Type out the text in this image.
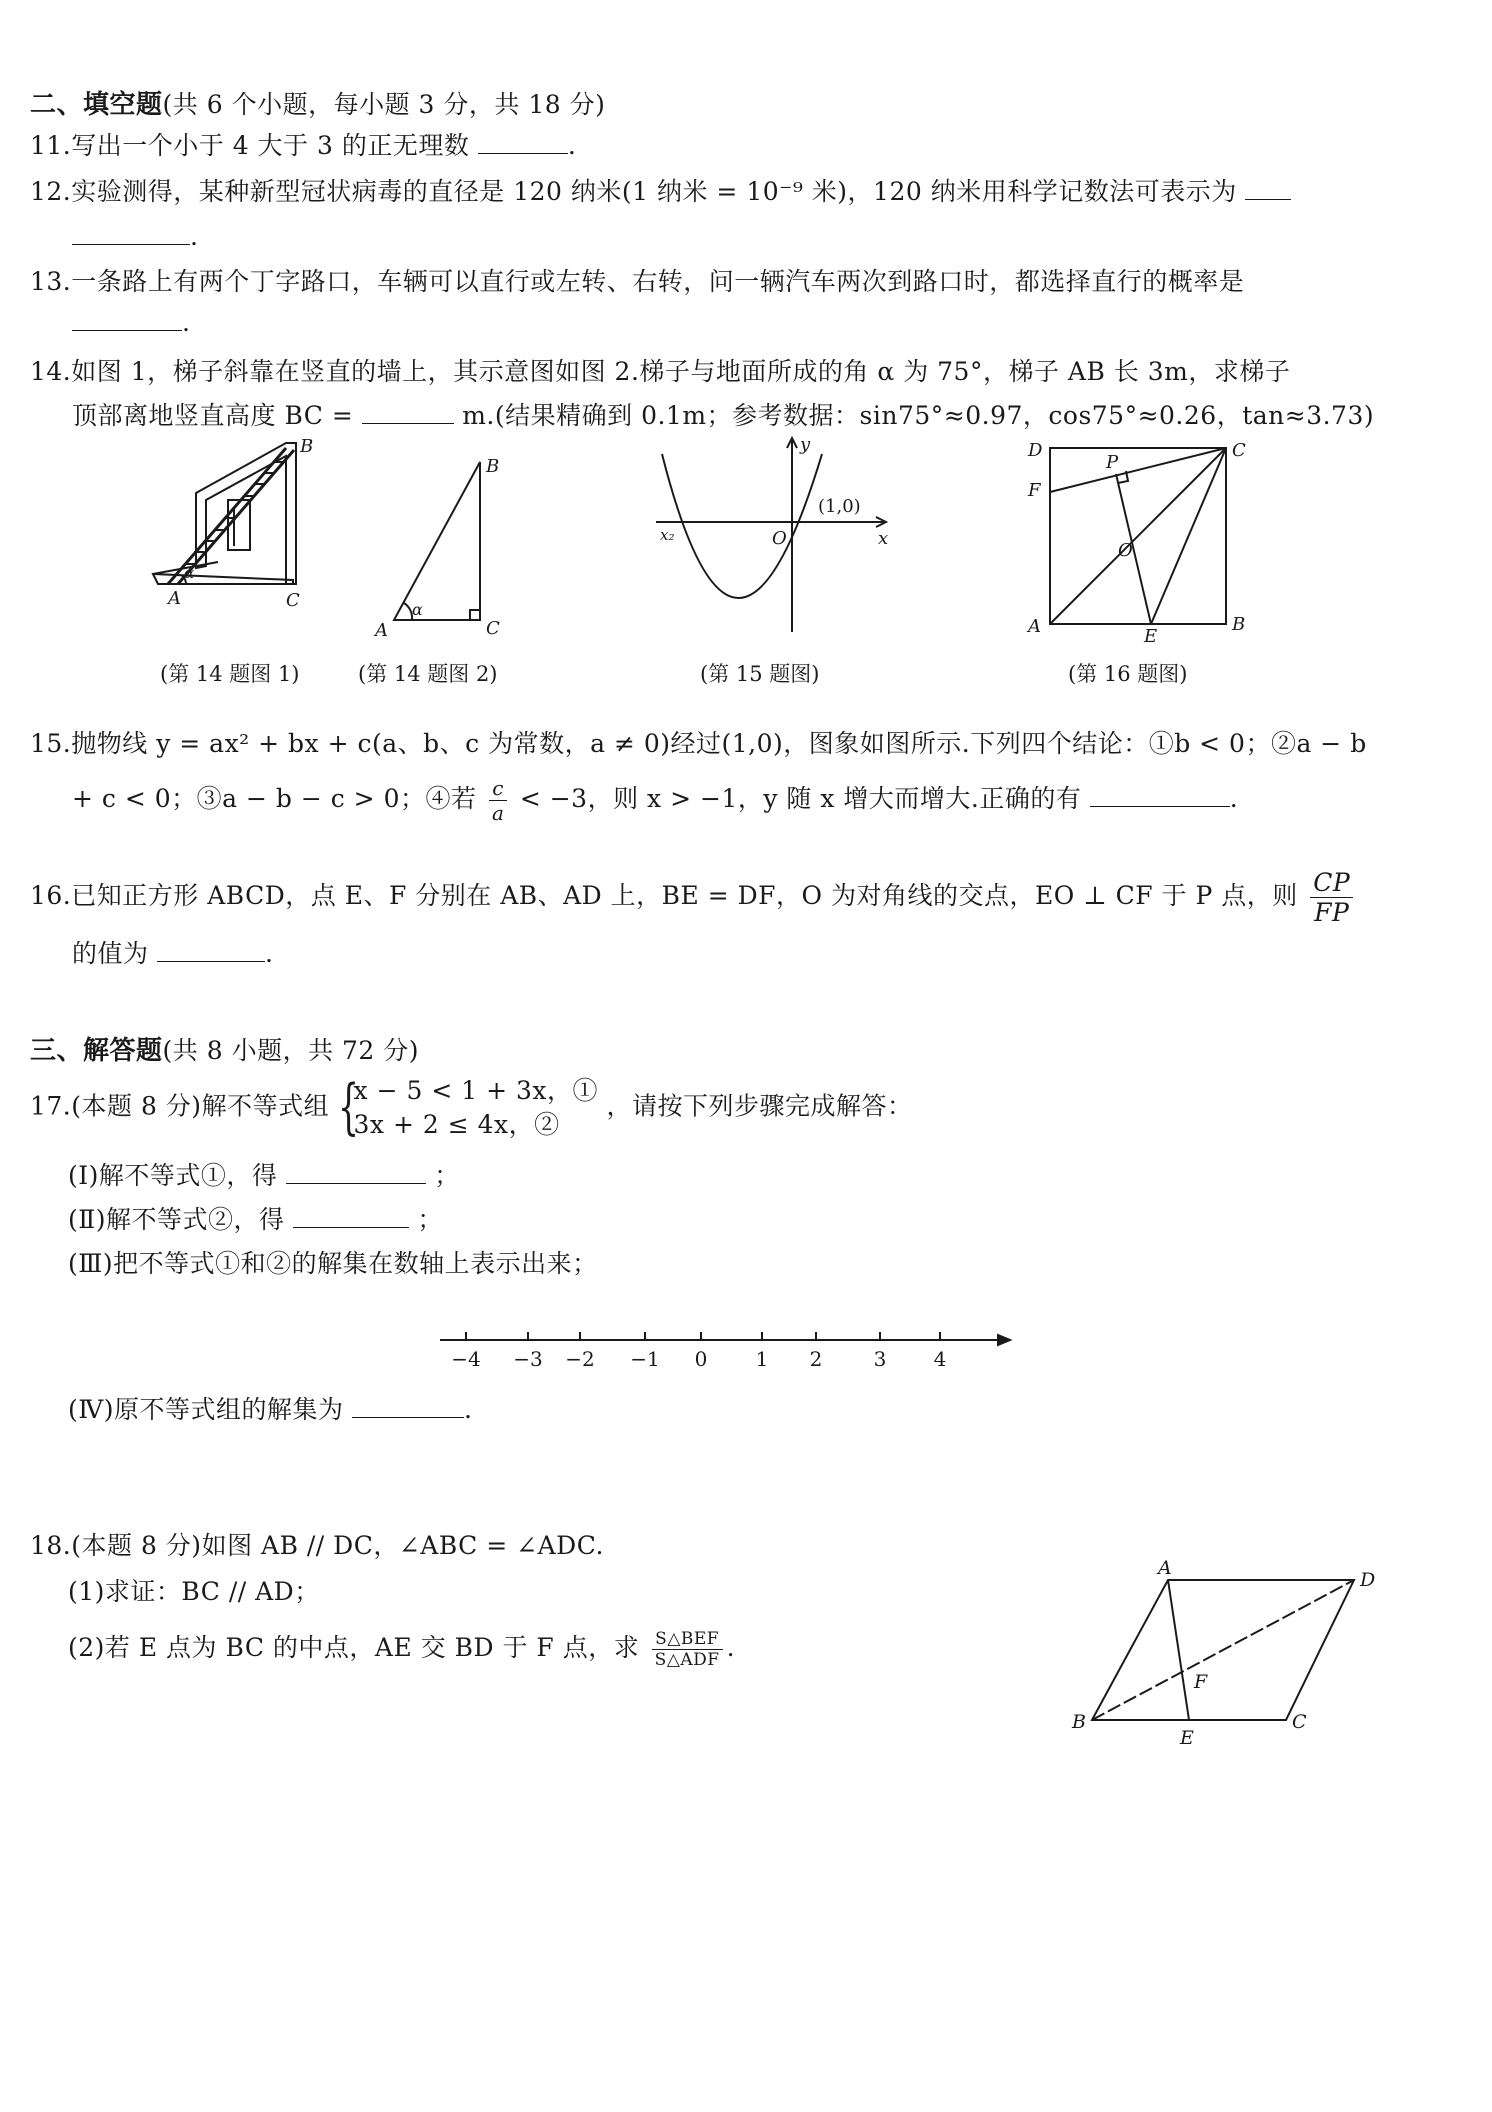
二、填空题(共 6 个小题，每小题 3 分，共 18 分)
11.写出一个小于 4 大于 3 的正无理数	.
12.实验测得，某种新型冠状病毒的直径是 120 纳米(1 纳米 = 10⁻⁹ 米)，120 纳米用科学记数法可表示为
.
13.一条路上有两个丁字路口，车辆可以直行或左转、右转，问一辆汽车两次到路口时，都选择直行的概率是
.
14.如图 1，梯子斜靠在竖直的墙上，其示意图如图 2.梯子与地面所成的角 α 为 75°，梯子 AB 长 3m，求梯子
顶部离地竖直高度 BC =	m.(结果精确到 0.1m；参考数据：sin75°≈0.97，cos75°≈0.26，tan≈3.73)
α
A	C
B
(第 14 题图 1)
α
A	C
B
(第 14 题图 2)
y
x
O
x₂
(1,0)
(第 15 题图)
D	C
F
P
O
A	E
B
(第 16 题图)
15.抛物线 y = ax² + bx + c(a、b、c 为常数，a ≠ 0)经过(1,0)，图象如图所示.下列四个结论：①b < 0；②a − b
+ c < 0；③a − b − c > 0；④若 $\frac{c}{a} < -3$，则 x > −1，y 随 x 增大而增大.正确的有	.
16.已知正方形 ABCD，点 E、F 分别在 AB、AD 上，BE = DF，O 为对角线的交点，EO ⊥ CF 于 P 点，则 $\frac{CP}{FP}$
的值为	.
三、解答题(共 8 小题，共 72 分)
17.(本题 8 分)解不等式组 {
x − 5 < 1 + 3x，①
3x + 2 ≤ 4x，②
，请按下列步骤完成解答：
(Ⅰ)解不等式①，得	；
(Ⅱ)解不等式②，得	；
(Ⅲ)把不等式①和②的解集在数轴上表示出来；
−4 −3 −2 −1 0 1 2	3 4
(Ⅳ)原不等式组的解集为	.
18.(本题 8 分)如图 AB // DC，∠ABC = ∠ADC.
(1)求证：BC // AD；
(2)若 E 点为 BC 的中点，AE 交 BD 于 F 点，求 $\frac{\text{S△BEF}}{\text{S△ADF}}$ .
A
D
B	C
E
F
